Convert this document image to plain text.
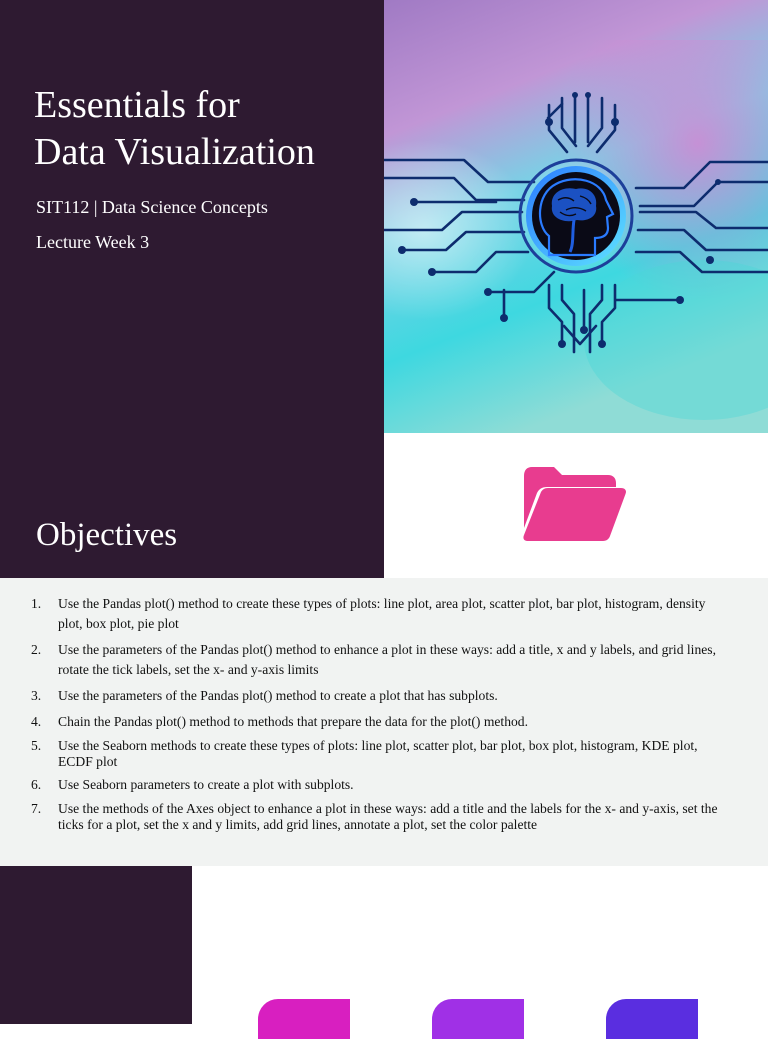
Essentials for
Data Visualization

SIT112 | Data Science Concepts

Lecture Week 3

Objectives
1. Use the Pandas plot() method to create these types of plots: line plot, area plot, scatter plot, bar plot, histogram, density plot, box plot, pie plot
2. Use the parameters of the Pandas plot() method to enhance a plot in these ways: add a title, x and y labels, and grid lines, rotate the tick labels, set the x- and y-axis limits
3. Use the parameters of the Pandas plot() method to create a plot that has subplots.
4. Chain the Pandas plot() method to methods that prepare the data for the plot() method.
5. Use the Seaborn methods to create these types of plots: line plot, scatter plot, bar plot, box plot, histogram, KDE plot, ECDF plot
6. Use Seaborn parameters to create a plot with subplots.
7. Use the methods of the Axes object to enhance a plot in these ways: add a title and the labels for the x- and y-axis, set the ticks for a plot, set the x and y limits, add grid lines, annotate a plot, set the color palette
